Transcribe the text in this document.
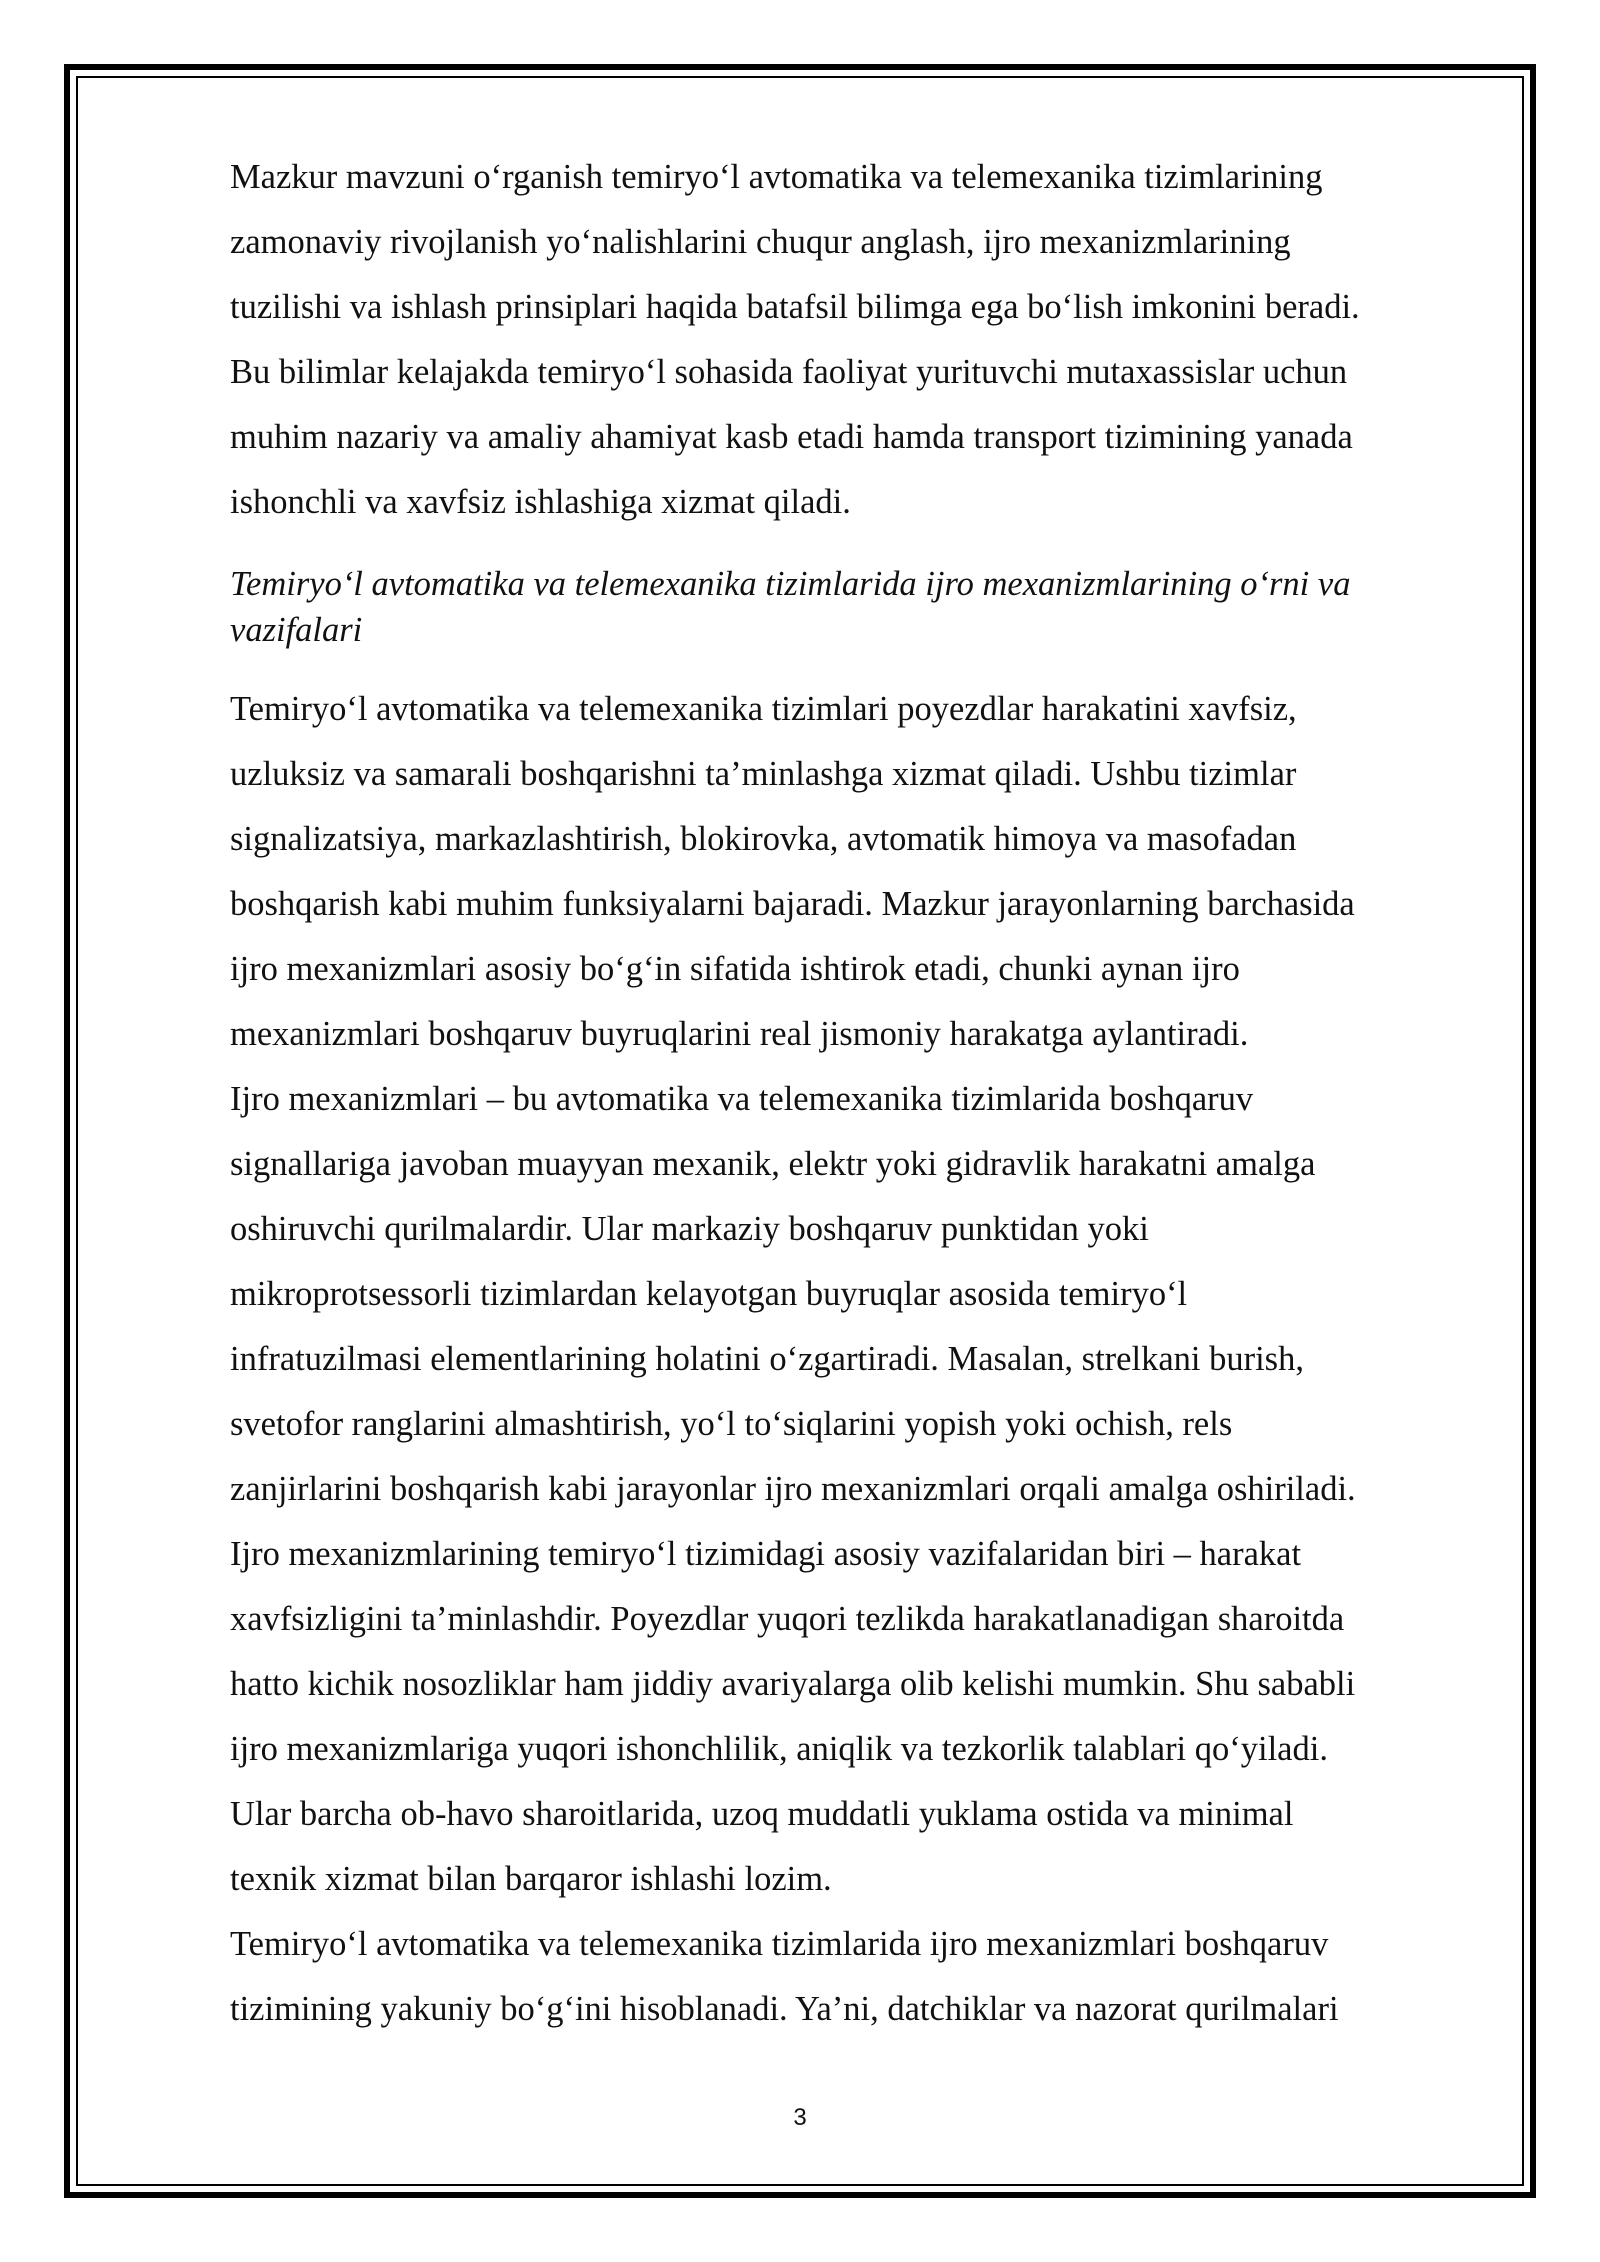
Mazkur mavzuni o‘rganish temiryo‘l avtomatika va telemexanika tizimlarining
zamonaviy rivojlanish yo‘nalishlarini chuqur anglash, ijro mexanizmlarining
tuzilishi va ishlash prinsiplari haqida batafsil bilimga ega bo‘lish imkonini beradi.
Bu bilimlar kelajakda temiryo‘l sohasida faoliyat yurituvchi mutaxassislar uchun
muhim nazariy va amaliy ahamiyat kasb etadi hamda transport tizimining yanada
ishonchli va xavfsiz ishlashiga xizmat qiladi.

Temiryo‘l avtomatika va telemexanika tizimlarida ijro mexanizmlarining o‘rni va
vazifalari

Temiryo‘l avtomatika va telemexanika tizimlari poyezdlar harakatini xavfsiz,
uzluksiz va samarali boshqarishni ta’minlashga xizmat qiladi. Ushbu tizimlar
signalizatsiya, markazlashtirish, blokirovka, avtomatik himoya va masofadan
boshqarish kabi muhim funksiyalarni bajaradi. Mazkur jarayonlarning barchasida
ijro mexanizmlari asosiy bo‘g‘in sifatida ishtirok etadi, chunki aynan ijro
mexanizmlari boshqaruv buyruqlarini real jismoniy harakatga aylantiradi.
Ijro mexanizmlari – bu avtomatika va telemexanika tizimlarida boshqaruv
signallariga javoban muayyan mexanik, elektr yoki gidravlik harakatni amalga
oshiruvchi qurilmalardir. Ular markaziy boshqaruv punktidan yoki
mikroprotsessorli tizimlardan kelayotgan buyruqlar asosida temiryo‘l
infratuzilmasi elementlarining holatini o‘zgartiradi. Masalan, strelkani burish,
svetofor ranglarini almashtirish, yo‘l to‘siqlarini yopish yoki ochish, rels
zanjirlarini boshqarish kabi jarayonlar ijro mexanizmlari orqali amalga oshiriladi.
Ijro mexanizmlarining temiryo‘l tizimidagi asosiy vazifalaridan biri – harakat
xavfsizligini ta’minlashdir. Poyezdlar yuqori tezlikda harakatlanadigan sharoitda
hatto kichik nosozliklar ham jiddiy avariyalarga olib kelishi mumkin. Shu sababli
ijro mexanizmlariga yuqori ishonchlilik, aniqlik va tezkorlik talablari qo‘yiladi.
Ular barcha ob-havo sharoitlarida, uzoq muddatli yuklama ostida va minimal
texnik xizmat bilan barqaror ishlashi lozim.
Temiryo‘l avtomatika va telemexanika tizimlarida ijro mexanizmlari boshqaruv
tizimining yakuniy bo‘g‘ini hisoblanadi. Ya’ni, datchiklar va nazorat qurilmalari

3
